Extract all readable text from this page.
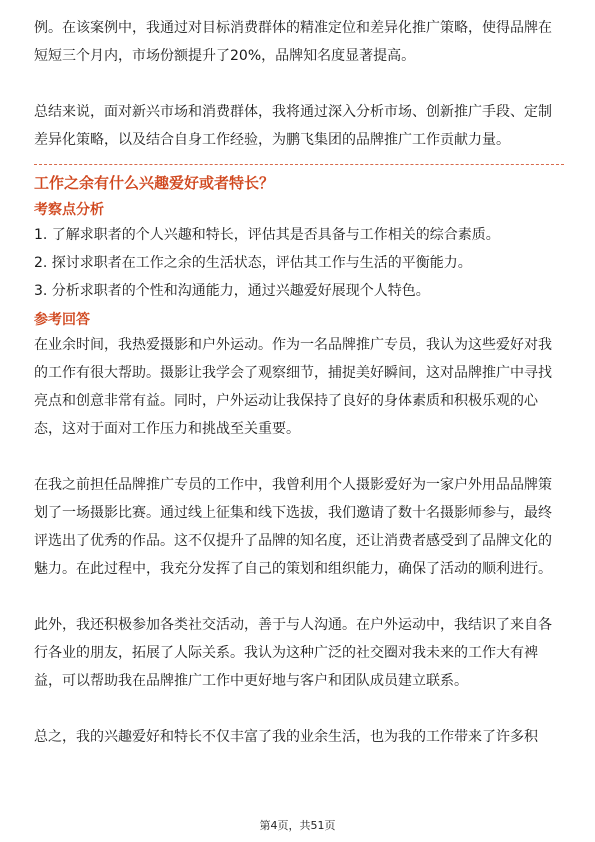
例。在该案例中，我通过对目标消费群体的精准定位和差异化推广策略，使得品牌在短短三个月内，市场份额提升了20%，品牌知名度显著提高。

总结来说，面对新兴市场和消费群体，我将通过深入分析市场、创新推广手段、定制差异化策略，以及结合自身工作经验，为鹏飞集团的品牌推广工作贡献力量。

工作之余有什么兴趣爱好或者特长？

考察点分析

1. 了解求职者的个人兴趣和特长，评估其是否具备与工作相关的综合素质。

2. 探讨求职者在工作之余的生活状态，评估其工作与生活的平衡能力。

3. 分析求职者的个性和沟通能力，通过兴趣爱好展现个人特色。

参考回答

在业余时间，我热爱摄影和户外运动。作为一名品牌推广专员，我认为这些爱好对我的工作有很大帮助。摄影让我学会了观察细节，捕捉美好瞬间，这对品牌推广中寻找亮点和创意非常有益。同时，户外运动让我保持了良好的身体素质和积极乐观的心态，这对于面对工作压力和挑战至关重要。

在我之前担任品牌推广专员的工作中，我曾利用个人摄影爱好为一家户外用品品牌策划了一场摄影比赛。通过线上征集和线下选拔，我们邀请了数十名摄影师参与，最终评选出了优秀的作品。这不仅提升了品牌的知名度，还让消费者感受到了品牌文化的魅力。在此过程中，我充分发挥了自己的策划和组织能力，确保了活动的顺利进行。

此外，我还积极参加各类社交活动，善于与人沟通。在户外运动中，我结识了来自各行各业的朋友，拓展了人际关系。我认为这种广泛的社交圈对我未来的工作大有裨益，可以帮助我在品牌推广工作中更好地与客户和团队成员建立联系。

总之，我的兴趣爱好和特长不仅丰富了我的业余生活，也为我的工作带来了许多积

第4页，共51页
